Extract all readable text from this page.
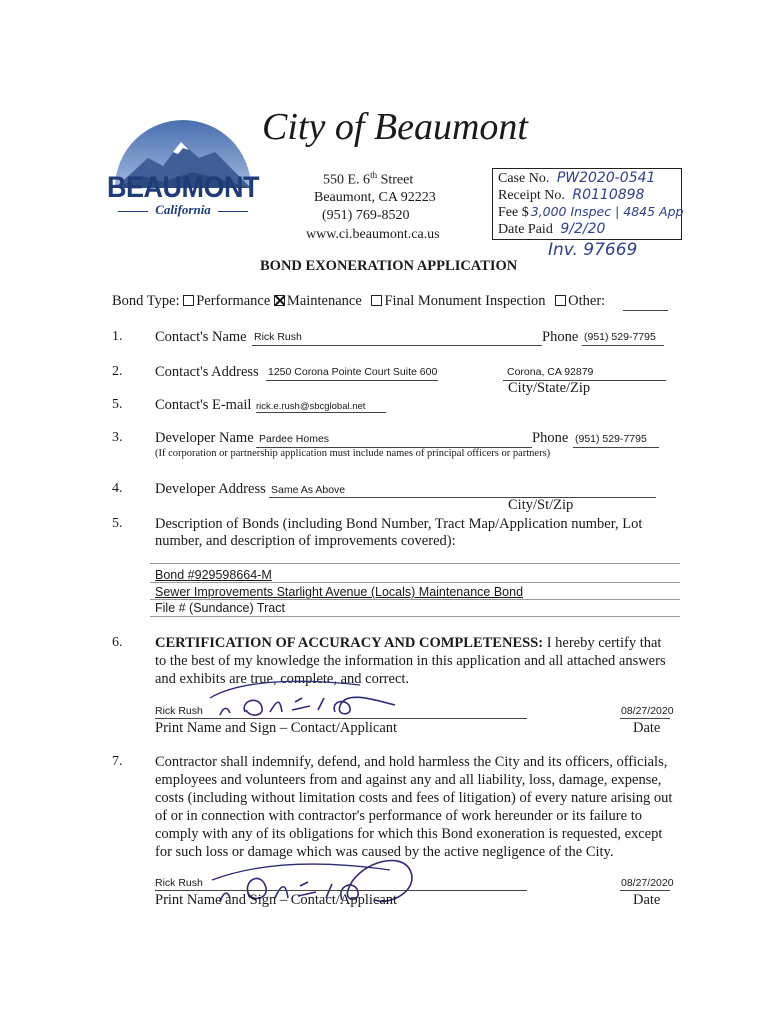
BEAUMONT
California
City of Beaumont
550 E. 6th Street
Beaumont, CA 92223
(951) 769-8520
www.ci.beaumont.ca.us
Case No. PW2020-0541
Receipt No. R0110898
Fee $ 3,000 Inspec | 4845 App
Date Paid 9/2/20
Inv. 97669
BOND EXONERATION APPLICATION
Bond Type: Performance Maintenance Final Monument Inspection Other:
1. Contact's Name Rick Rush	Phone (951) 529-7795
2. Contact's Address 1250 Corona Pointe Court Suite 600	Corona, CA 92879
City/State/Zip
5. Contact's E-mail rick.e.rush@sbcglobal.net
3. Developer Name Pardee Homes	Phone (951) 529-7795
(If corporation or partnership application must include names of principal officers or partners)
4. Developer Address Same As Above
City/St/Zip
5. Description of Bonds (including Bond Number, Tract Map/Application number, Lot
number, and description of improvements covered):
Bond #929598664-M
Sewer Improvements Starlight Avenue (Locals) Maintenance Bond
File # (Sundance) Tract
6. CERTIFICATION OF ACCURACY AND COMPLETENESS: I hereby certify that
to the best of my knowledge the information in this application and all attached answers
and exhibits are true, complete, and correct.
Rick Rush	08/27/2020
Print Name and Sign – Contact/Applicant	Date
7. Contractor shall indemnify, defend, and hold harmless the City and its officers, officials,
employees and volunteers from and against any and all liability, loss, damage, expense,
costs (including without limitation costs and fees of litigation) of every nature arising out
of or in connection with contractor's performance of work hereunder or its failure to
comply with any of its obligations for which this Bond exoneration is requested, except
for such loss or damage which was caused by the active negligence of the City.
Rick Rush	08/27/2020
Print Name and Sign – Contact/Applicant	Date
